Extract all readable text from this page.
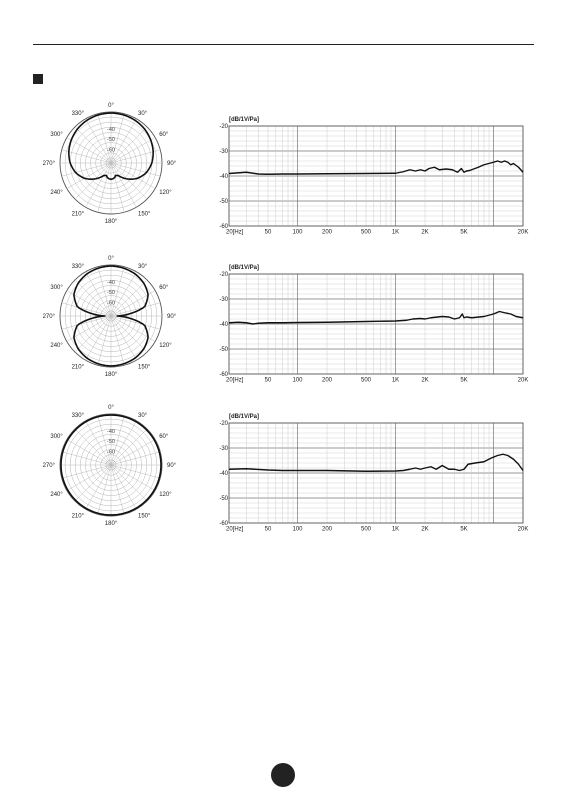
-40
-50
-60
0°
30°
60°
90°
120°
150°
180°
210°
240°
270°
300°
330°
-40
-50
-60
0°
30°
60°
90°
120°
150°
180°
210°
240°
270°
300°
330°
-40
-50
-60
0°
30°
60°
90°
120°
150°
180°
210°
240°
270°
300°
330°
[dB/1V/Pa]
-20
-30
-40
-50
-60
20[Hz]	50	100	200	500	1K	2K	5K	20K
[dB/1V/Pa]
-20
-30
-40
-50
-60
20[Hz]	50	100	200	500	1K	2K	5K	20K
[dB/1V/Pa]
-20
-30
-40
-50
-60
20[Hz]	50	100	200	500	1K	2K	5K	20K
